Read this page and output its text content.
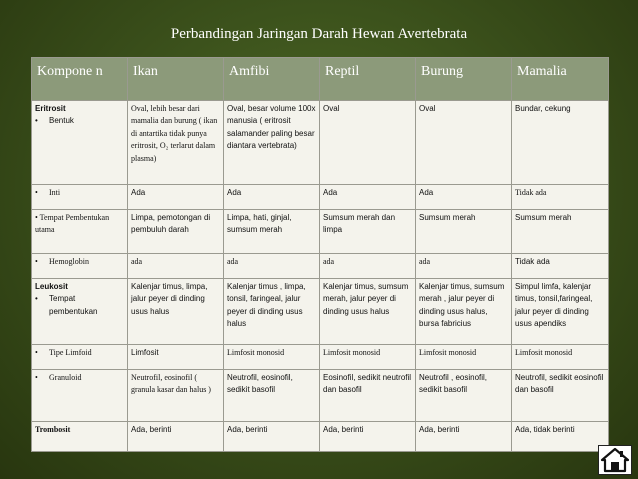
Perbandingan Jaringan Darah Hewan Avertebrata
Kompone n	Ikan	Amfibi	Reptil	Burung	Mamalia

Eritrosit
• Bentuk	Oval, lebih besar dari mamalia dan burung ( ikan di antartika tidak punya eritrosit, O₂ terlarut dalam plasma)	Oval, besar volume 100x manusia ( eritrosit salamander paling besar diantara vertebrata)	Oval	Oval	Bundar, cekung

• Inti	Ada	Ada	Ada	Ada	Tidak ada
• Tempat Pembentukan utama	Limpa, pemotongan di pembuluh darah	Limpa, hati, ginjal, sumsum merah	Sumsum merah dan limpa	Sumsum merah	Sumsum merah

• Hemoglobin	ada	ada	ada	ada	Tidak ada

Leukosit
• Tempat pembentukan	Kalenjar timus, limpa, jalur peyer di dinding usus halus	Kalenjar timus , limpa, tonsil, faringeal, jalur peyer di dinding usus halus	Kalenjar timus, sumsum merah, jalur peyer di dinding usus halus	Kalenjar timus, sumsum merah , jalur peyer di dinding usus halus, bursa fabricius	Simpul limfa, kalenjar timus, tonsil,faringeal, jalur peyer di dinding usus apendiks

• Tipe Limfoid	Limfosit	Limfosit monosid	Limfosit monosid	Limfosit monosid	Limfosit monosid

• Granuloid	Neutrofil, eosinofil ( granula kasar dan halus )	Neutrofil, eosinofil, sedikit basofil	Eosinofil, sedikit neutrofil dan basofil	Neutrofil , eosinofil, sedikit basofil	Neutrofil, sedikit eosinofil dan basofil
Trombosit	Ada, berinti	Ada, berinti	Ada, berinti	Ada, berinti	Ada, tidak berinti
